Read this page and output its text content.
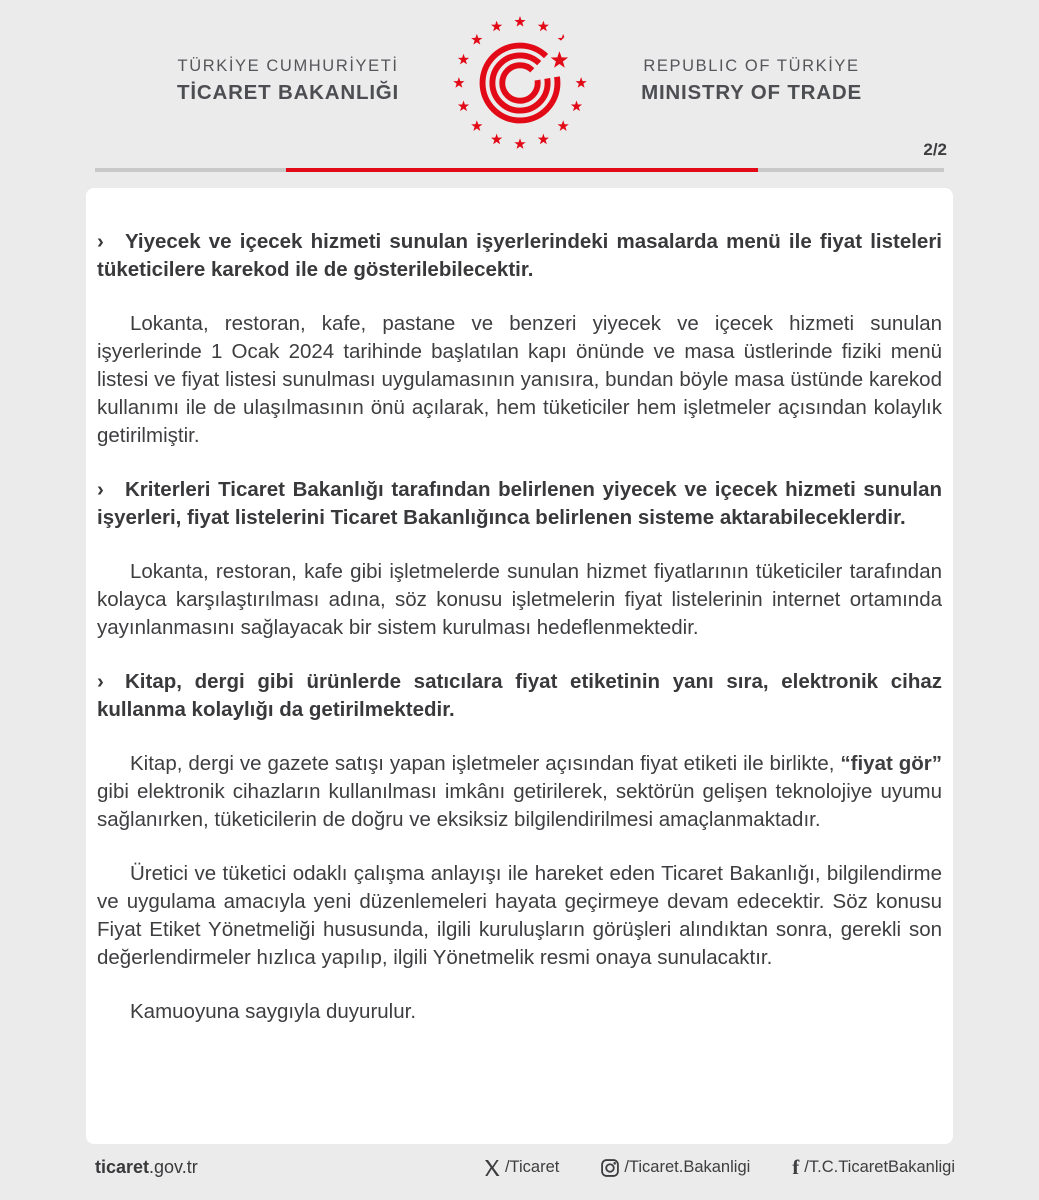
TÜRKİYE CUMHURİYETİ
TİCARET BAKANLIĞI
REPUBLIC OF TÜRKİYE
MINISTRY OF TRADE
2/2

› Yiyecek ve içecek hizmeti sunulan işyerlerindeki masalarda menü ile fiyat listeleri tüketicilere karekod ile de gösterilebilecektir.

Lokanta, restoran, kafe, pastane ve benzeri yiyecek ve içecek hizmeti sunulan işyerlerinde 1 Ocak 2024 tarihinde başlatılan kapı önünde ve masa üstlerinde fiziki menü listesi ve fiyat listesi sunulması uygulamasının yanısıra, bundan böyle masa üstünde karekod kullanımı ile de ulaşılmasının önü açılarak, hem tüketiciler hem işletmeler açısından kolaylık getirilmiştir.

› Kriterleri Ticaret Bakanlığı tarafından belirlenen yiyecek ve içecek hizmeti sunulan işyerleri, fiyat listelerini Ticaret Bakanlığınca belirlenen sisteme aktarabileceklerdir.

Lokanta, restoran, kafe gibi işletmelerde sunulan hizmet fiyatlarının tüketiciler tarafından kolayca karşılaştırılması adına, söz konusu işletmelerin fiyat listelerinin internet ortamında yayınlanmasını sağlayacak bir sistem kurulması hedeflenmektedir.

› Kitap, dergi gibi ürünlerde satıcılara fiyat etiketinin yanı sıra, elektronik cihaz kullanma kolaylığı da getirilmektedir.

Kitap, dergi ve gazete satışı yapan işletmeler açısından fiyat etiketi ile birlikte, “fiyat gör” gibi elektronik cihazların kullanılması imkânı getirilerek, sektörün gelişen teknolojiye uyumu sağlanırken, tüketicilerin de doğru ve eksiksiz bilgilendirilmesi amaçlanmaktadır.

Üretici ve tüketici odaklı çalışma anlayışı ile hareket eden Ticaret Bakanlığı, bilgilendirme ve uygulama amacıyla yeni düzenlemeleri hayata geçirmeye devam edecektir. Söz konusu Fiyat Etiket Yönetmeliği hususunda, ilgili kuruluşların görüşleri alındıktan sonra, gerekli son değerlendirmeler hızlıca yapılıp, ilgili Yönetmelik resmi onaya sunulacaktır.

Kamuoyuna saygıyla duyurulur.

ticaret.gov.tr	/Ticaret	/Ticaret.Bakanligi f /T.C.TicaretBakanligi
